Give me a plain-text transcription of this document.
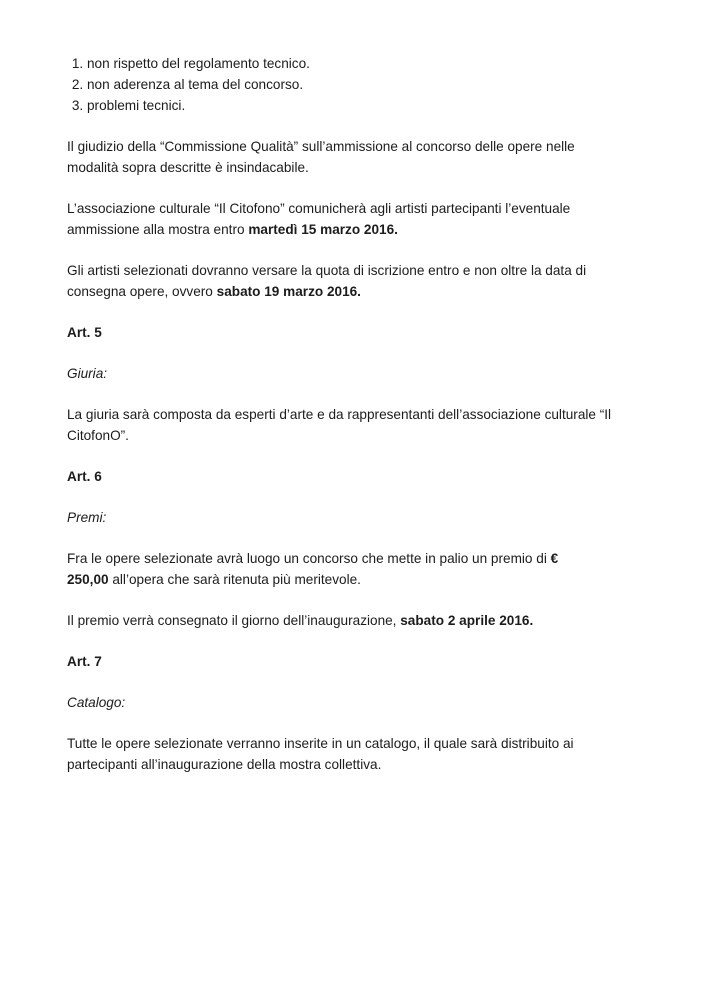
1. non rispetto del regolamento tecnico.
2. non aderenza al tema del concorso.
3. problemi tecnici.

Il giudizio della “Commissione Qualità” sull’ammissione al concorso delle opere nelle
modalità sopra descritte è insindacabile.

L’associazione culturale “Il Citofono” comunicherà agli artisti partecipanti l’eventuale
ammissione alla mostra entro martedì 15 marzo 2016.

Gli artisti selezionati dovranno versare la quota di iscrizione entro e non oltre la data di
consegna opere, ovvero sabato 19 marzo 2016.

Art. 5

Giuria:

La giuria sarà composta da esperti d’arte e da rappresentanti dell’associazione culturale “Il
CitofonO”.

Art. 6

Premi:

Fra le opere selezionate avrà luogo un concorso che mette in palio un premio di €
250,00 all’opera che sarà ritenuta più meritevole.

Il premio verrà consegnato il giorno dell’inaugurazione, sabato 2 aprile 2016.

Art. 7

Catalogo:

Tutte le opere selezionate verranno inserite in un catalogo, il quale sarà distribuito ai
partecipanti all’inaugurazione della mostra collettiva.
